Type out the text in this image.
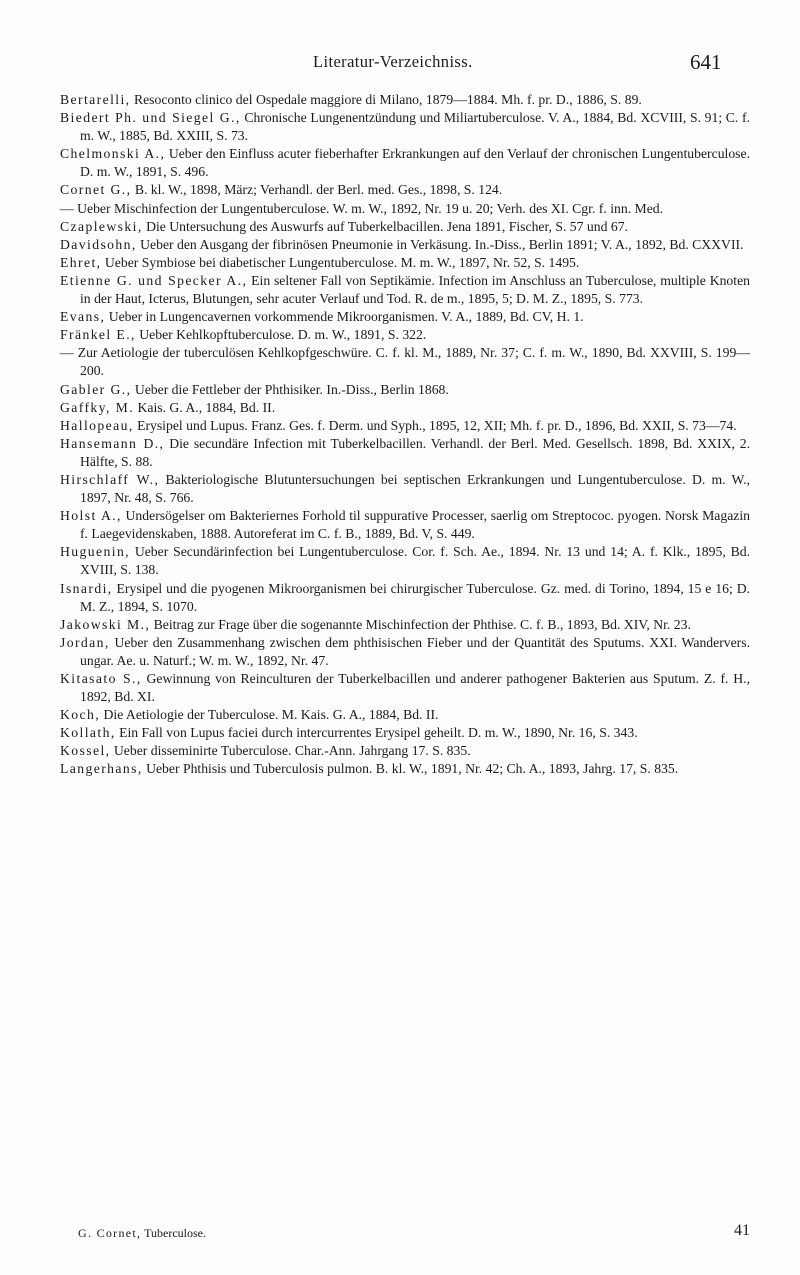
Literatur-Verzeichniss.	641
Bertarelli, Resoconto clinico del Ospedale maggiore di Milano, 1879—1884. Mh. f. pr. D., 1886, S. 89.
Biedert Ph. und Siegel G., Chronische Lungenentzündung und Miliartuberculose. V. A., 1884, Bd. XCVIII, S. 91; C. f. m. W., 1885, Bd. XXIII, S. 73.
Chelmonski A., Ueber den Einfluss acuter fieberhafter Erkrankungen auf den Verlauf der chronischen Lungentuberculose. D. m. W., 1891, S. 496.
Cornet G., B. kl. W., 1898, März; Verhandl. der Berl. med. Ges., 1898, S. 124.
— Ueber Mischinfection der Lungentuberculose. W. m. W., 1892, Nr. 19 u. 20; Verh. des XI. Cgr. f. inn. Med.
Czaplewski, Die Untersuchung des Auswurfs auf Tuberkelbacillen. Jena 1891, Fischer, S. 57 und 67.
Davidsohn, Ueber den Ausgang der fibrinösen Pneumonie in Verkäsung. In.-Diss., Berlin 1891; V. A., 1892, Bd. CXXVII.
Ehret, Ueber Symbiose bei diabetischer Lungentuberculose. M. m. W., 1897, Nr. 52, S. 1495.
Etienne G. und Specker A., Ein seltener Fall von Septikämie. Infection im Anschluss an Tuberculose, multiple Knoten in der Haut, Icterus, Blutungen, sehr acuter Verlauf und Tod. R. de m., 1895, 5; D. M. Z., 1895, S. 773.
Evans, Ueber in Lungencavernen vorkommende Mikroorganismen. V. A., 1889, Bd. CV, H. 1.
Fränkel E., Ueber Kehlkopftuberculose. D. m. W., 1891, S. 322.
— Zur Aetiologie der tuberculösen Kehlkopfgeschwüre. C. f. kl. M., 1889, Nr. 37; C. f. m. W., 1890, Bd. XXVIII, S. 199—200.
Gabler G., Ueber die Fettleber der Phthisiker. In.-Diss., Berlin 1868.
Gaffky, M. Kais. G. A., 1884, Bd. II.
Hallopeau, Erysipel und Lupus. Franz. Ges. f. Derm. und Syph., 1895, 12, XII; Mh. f. pr. D., 1896, Bd. XXII, S. 73—74.
Hansemann D., Die secundäre Infection mit Tuberkelbacillen. Verhandl. der Berl. Med. Gesellsch. 1898, Bd. XXIX, 2. Hälfte, S. 88.
Hirschlaff W., Bakteriologische Blutuntersuchungen bei septischen Erkrankungen und Lungentuberculose. D. m. W., 1897, Nr. 48, S. 766.
Holst A., Undersögelser om Bakteriernes Forhold til suppurative Processer, saerlig om Streptococ. pyogen. Norsk Magazin f. Laegevidenskaben, 1888. Autoreferat im C. f. B., 1889, Bd. V, S. 449.
Huguenin, Ueber Secundärinfection bei Lungentuberculose. Cor. f. Sch. Ae., 1894. Nr. 13 und 14; A. f. Klk., 1895, Bd. XVIII, S. 138.
Isnardi, Erysipel und die pyogenen Mikroorganismen bei chirurgischer Tuberculose. Gz. med. di Torino, 1894, 15 e 16; D. M. Z., 1894, S. 1070.
Jakowski M., Beitrag zur Frage über die sogenannte Mischinfection der Phthise. C. f. B., 1893, Bd. XIV, Nr. 23.
Jordan, Ueber den Zusammenhang zwischen dem phthisischen Fieber und der Quantität des Sputums. XXI. Wandervers. ungar. Ae. u. Naturf.; W. m. W., 1892, Nr. 47.
Kitasato S., Gewinnung von Reinculturen der Tuberkelbacillen und anderer pathogener Bakterien aus Sputum. Z. f. H., 1892, Bd. XI.
Koch, Die Aetiologie der Tuberculose. M. Kais. G. A., 1884, Bd. II.
Kollath, Ein Fall von Lupus faciei durch intercurrentes Erysipel geheilt. D. m. W., 1890, Nr. 16, S. 343.
Kossel, Ueber disseminirte Tuberculose. Char.-Ann. Jahrgang 17. S. 835.
Langerhans, Ueber Phthisis und Tuberculosis pulmon. B. kl. W., 1891, Nr. 42; Ch. A., 1893, Jahrg. 17, S. 835.
G. Cornet, Tuberculose.	41
